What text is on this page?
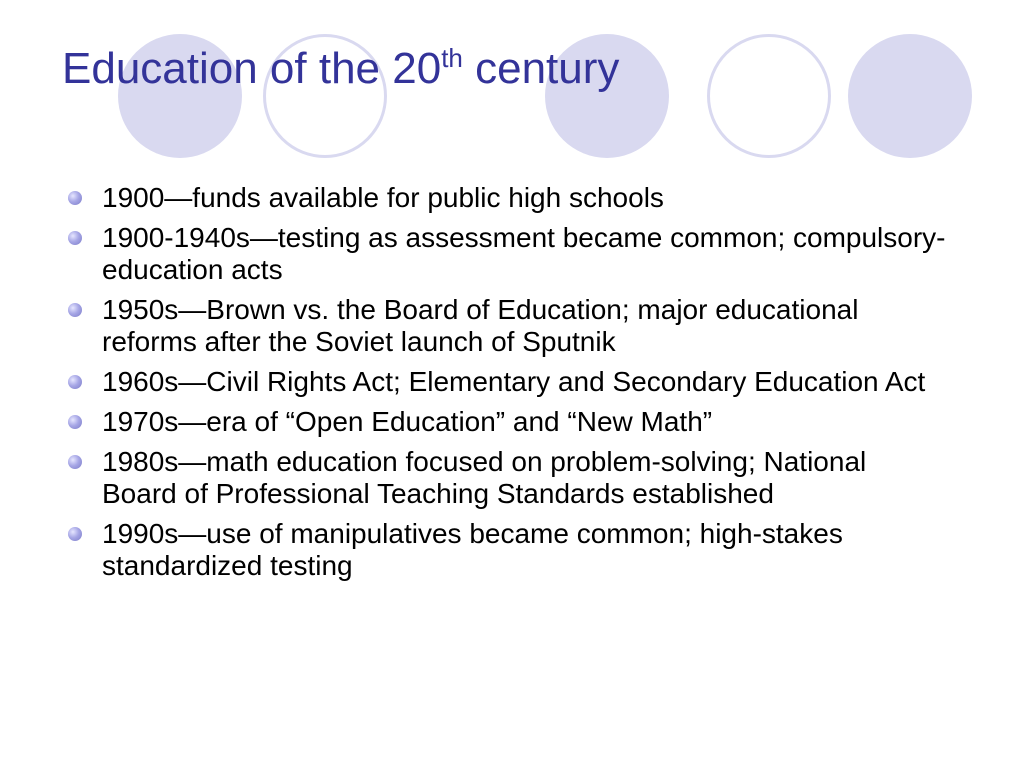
Education of the 20th century
1900—funds available for public high schools
1900-1940s—testing as assessment became common; compulsory-education acts
1950s—Brown vs. the Board of Education; major educational reforms after the Soviet launch of Sputnik
1960s—Civil Rights Act; Elementary and Secondary Education Act
1970s—era of “Open Education” and “New Math”
1980s—math education focused on problem-solving; National Board of Professional Teaching Standards established
1990s—use of manipulatives became common; high-stakes standardized testing
